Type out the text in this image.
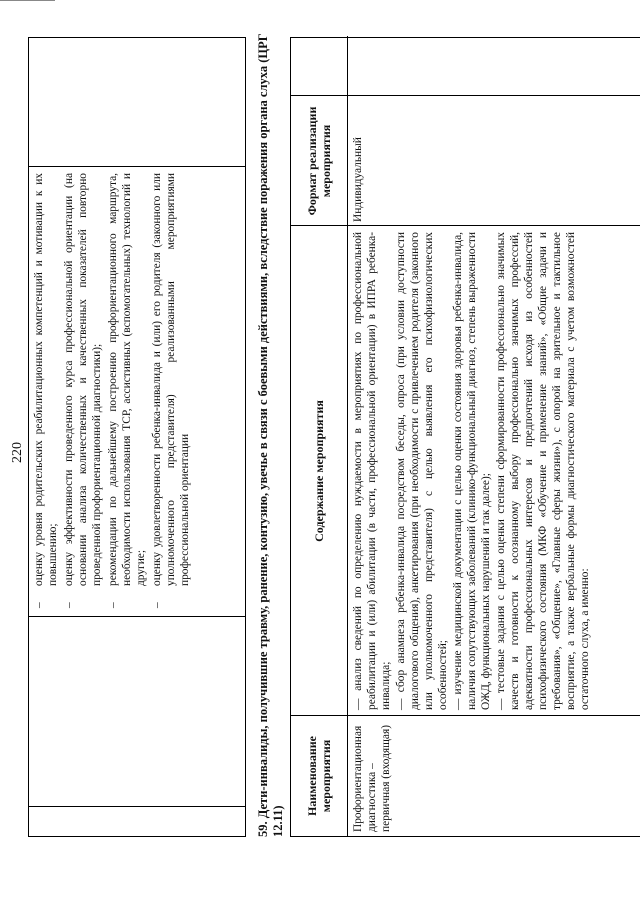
220
–
оценку уровня родительских реабилитационных компетенций и мотивации к их повышению;
–
оценку эффективности проведенного курса профессиональной ориентации (на основании анализа количественных и качественных показателей повторно проведенной профориентационной диагностики);
–
рекомендации по дальнейшему построению профориентационного маршрута, необходимости использования ТСР, ассистивных (вспомогательных) технологий и другие;
–
оценку удовлетворенности ребенка-инвалида и (или) его родителя (законного или уполномоченного представителя) реализованными мероприятиями профессиональной ориентации	59. Дети-инвалиды, получившие травму, ранение, контузию, увечье в связи с боевыми действиями, вследствие поражения органа слуха (ЦРГ 12.11)
Наименование мероприятия
Содержание мероприятия
Формат реализации мероприятия
Профориентационная диагностика – первичная (входящая)

— анализ сведений по определению нуждаемости в мероприятиях по профессиональной реабилитации и (или) абилитации (в части, профессиональной ориентации) в ИПРА ребенка-инвалида; — сбор анамнеза ребенка-инвалида посредством беседы, опроса (при условии доступности диалогового общения), анкетирования (при необходимости с привлечением родителя (законного или уполномоченного представителя) с целью выявления его психофизиологических особенностей; — изучение медицинской документации с целью оценки состояния здоровья ребенка-инвалида, наличия сопутствующих заболеваний (клинико-функциональный диагноз, степень выраженности ОЖД, функциональных нарушений и так далее); — тестовые задания с целью оценки степени сформированности профессионально значимых качеств и готовности к осознанному выбору профессионально значимых профессий, адекватности профессиональных интересов и предпочтений исходя из особенностей психофизического состояния (МКФ «Обучение и применение знаний», «Общие задачи и требования», «Общение», «Главные сферы жизни»), с опорой на зрительное и тактильное восприятие, а также вербальные формы диагностического материала с учетом возможностей остаточного слуха, а именно:

Индивидуальный
